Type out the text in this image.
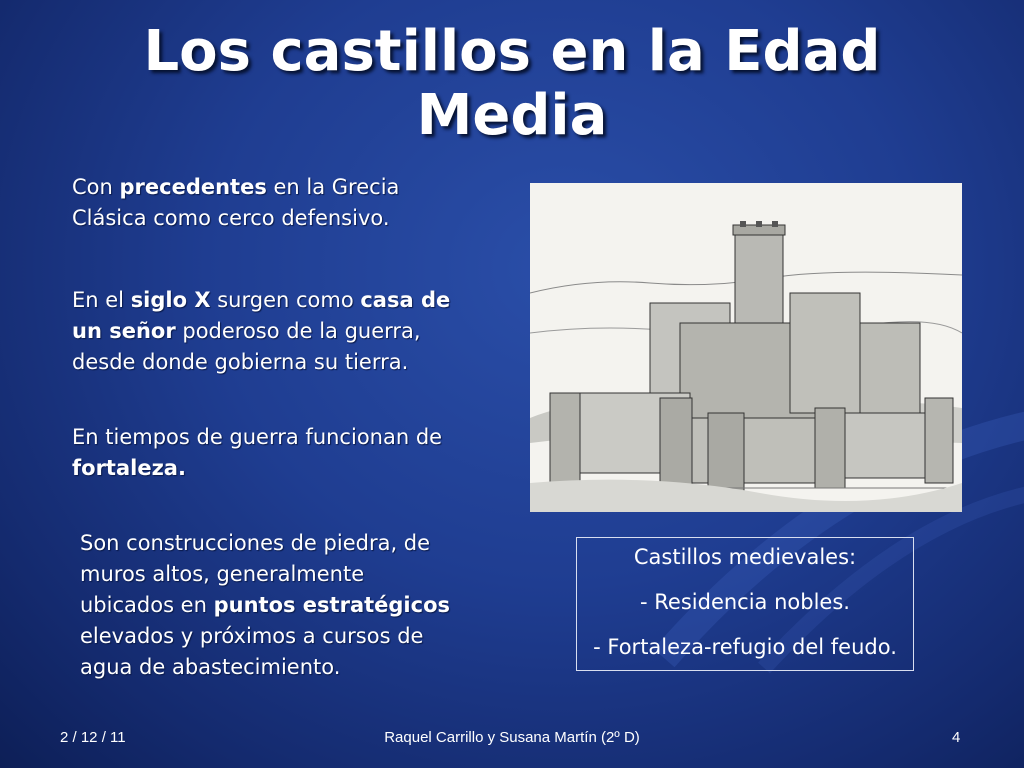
Los castillos en la Edad Media
Con precedentes en la Grecia Clásica como cerco defensivo.
En el siglo X surgen como casa de un señor poderoso de la guerra, desde donde gobierna su tierra.
En tiempos de guerra funcionan de fortaleza.
Son construcciones de piedra, de muros altos, generalmente ubicados en puntos estratégicos elevados y próximos a cursos de agua de abastecimiento.
Castillos medievales:
- Residencia nobles.
- Fortaleza-refugio del feudo.
2 / 12 / 11	Raquel Carrillo y Susana Martín (2º D)	4
